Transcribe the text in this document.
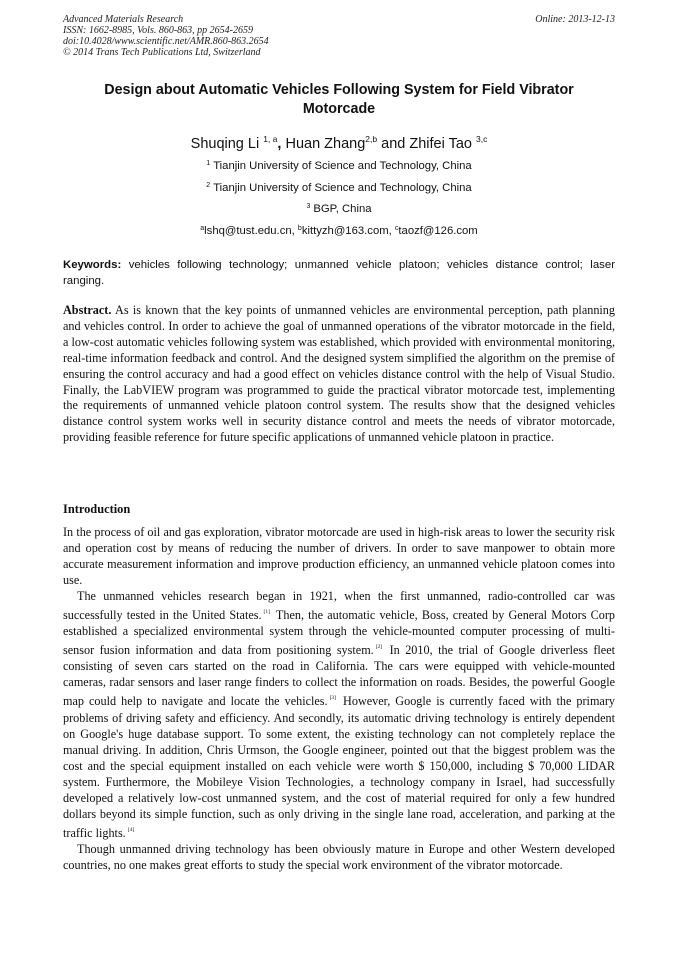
Advanced Materials Research
ISSN: 1662-8985, Vols. 860-863, pp 2654-2659
doi:10.4028/www.scientific.net/AMR.860-863.2654
© 2014 Trans Tech Publications Ltd, Switzerland
Online: 2013-12-13
Design about Automatic Vehicles Following System for Field Vibrator
Motorcade
Shuqing Li $^{1, a}$, Huan Zhang$^{2,b}$ and Zhifei Tao $^{3,c}$
$^1$ Tianjin University of Science and Technology, China
$^2$ Tianjin University of Science and Technology, China
$^3$ BGP, China
$^a$lshq@tust.edu.cn, $^b$kittyzh@163.com, $^c$taozf@126.com
Keywords: vehicles following technology; unmanned vehicle platoon; vehicles distance control; laser ranging.
Abstract. As is known that the key points of unmanned vehicles are environmental perception, path planning and vehicles control. In order to achieve the goal of unmanned operations of the vibrator motorcade in the field, a low-cost automatic vehicles following system was established, which provided with environmental monitoring, real-time information feedback and control. And the designed system simplified the algorithm on the premise of ensuring the control accuracy and had a good effect on vehicles distance control with the help of Visual Studio. Finally, the LabVIEW program was programmed to guide the practical vibrator motorcade test, implementing the requirements of unmanned vehicle platoon control system. The results show that the designed vehicles distance control system works well in security distance control and meets the needs of vibrator motorcade, providing feasible reference for future specific applications of unmanned vehicle platoon in practice.
Introduction

In the process of oil and gas exploration, vibrator motorcade are used in high-risk areas to lower the security risk and operation cost by means of reducing the number of drivers. In order to save manpower to obtain more accurate measurement information and improve production efficiency, an unmanned vehicle platoon comes into use.

The unmanned vehicles research began in 1921, when the first unmanned, radio-controlled car was successfully tested in the United States. [1] Then, the automatic vehicle, Boss, created by General Motors Corp established a specialized environmental system through the vehicle-mounted computer processing of multi-sensor fusion information and data from positioning system. [2] In 2010, the trial of Google driverless fleet consisting of seven cars started on the road in California. The cars were equipped with vehicle-mounted cameras, radar sensors and laser range finders to collect the information on roads. Besides, the powerful Google map could help to navigate and locate the vehicles. [3] However, Google is currently faced with the primary problems of driving safety and efficiency. And secondly, its automatic driving technology is entirely dependent on Google's huge database support. To some extent, the existing technology can not completely replace the manual driving. In addition, Chris Urmson, the Google engineer, pointed out that the biggest problem was the cost and the special equipment installed on each vehicle were worth $ 150,000, including $ 70,000 LIDAR system. Furthermore, the Mobileye Vision Technologies, a technology company in Israel, had successfully developed a relatively low-cost unmanned system, and the cost of material required for only a few hundred dollars beyond its simple function, such as only driving in the single lane road, acceleration, and parking at the traffic lights. [4]

Though unmanned driving technology has been obviously mature in Europe and other Western developed countries, no one makes great efforts to study the special work environment of the vibrator motorcade.
